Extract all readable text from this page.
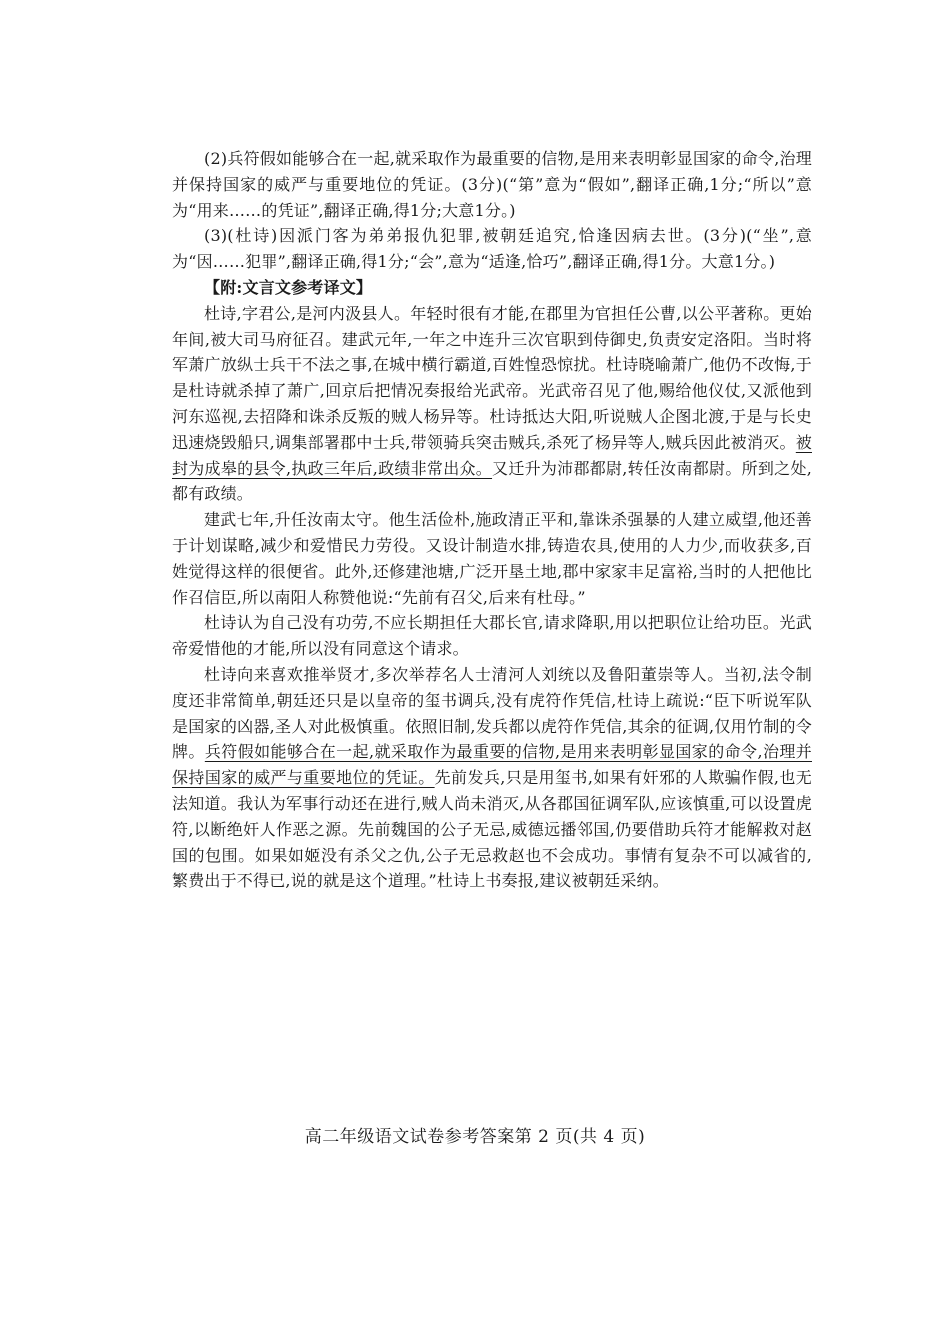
(2)兵符假如能够合在一起,就采取作为最重要的信物,是用来表明彰显国家的命令,治理并保持国家的威严与重要地位的凭证。(3分)(“第”意为“假如”,翻译正确,1分;“所以”意为“用来……的凭证”,翻译正确,得1分;大意1分。)

(3)(杜诗)因派门客为弟弟报仇犯罪,被朝廷追究,恰逢因病去世。(3分)(“坐”,意为“因……犯罪”,翻译正确,得1分;“会”,意为“适逢,恰巧”,翻译正确,得1分。大意1分。)

【附:文言文参考译文】

杜诗,字君公,是河内汲县人。年轻时很有才能,在郡里为官担任公曹,以公平著称。更始年间,被大司马府征召。建武元年,一年之中连升三次官职到侍御史,负责安定洛阳。当时将军萧广放纵士兵干不法之事,在城中横行霸道,百姓惶恐惊扰。杜诗晓喻萧广,他仍不改悔,于是杜诗就杀掉了萧广,回京后把情况奏报给光武帝。光武帝召见了他,赐给他仪仗,又派他到河东巡视,去招降和诛杀反叛的贼人杨异等。杜诗抵达大阳,听说贼人企图北渡,于是与长史迅速烧毁船只,调集部署郡中士兵,带领骑兵突击贼兵,杀死了杨异等人,贼兵因此被消灭。被封为成皋的县令,执政三年后,政绩非常出众。又迁升为沛郡都尉,转任汝南都尉。所到之处,都有政绩。

建武七年,升任汝南太守。他生活俭朴,施政清正平和,靠诛杀强暴的人建立威望,他还善于计划谋略,减少和爱惜民力劳役。又设计制造水排,铸造农具,使用的人力少,而收获多,百姓觉得这样的很便省。此外,还修建池塘,广泛开垦土地,郡中家家丰足富裕,当时的人把他比作召信臣,所以南阳人称赞他说:“先前有召父,后来有杜母。”

杜诗认为自己没有功劳,不应长期担任大郡长官,请求降职,用以把职位让给功臣。光武帝爱惜他的才能,所以没有同意这个请求。

杜诗向来喜欢推举贤才,多次举荐名人士清河人刘统以及鲁阳董崇等人。当初,法令制度还非常简单,朝廷还只是以皇帝的玺书调兵,没有虎符作凭信,杜诗上疏说:“臣下听说军队是国家的凶器,圣人对此极慎重。依照旧制,发兵都以虎符作凭信,其余的征调,仅用竹制的令牌。兵符假如能够合在一起,就采取作为最重要的信物,是用来表明彰显国家的命令,治理并保持国家的威严与重要地位的凭证。先前发兵,只是用玺书,如果有奸邪的人欺骗作假,也无法知道。我认为军事行动还在进行,贼人尚未消灭,从各郡国征调军队,应该慎重,可以设置虎符,以断绝奸人作恶之源。先前魏国的公子无忌,威德远播邻国,仍要借助兵符才能解救对赵国的包围。如果如姬没有杀父之仇,公子无忌救赵也不会成功。事情有复杂不可以减省的,繁费出于不得已,说的就是这个道理。”杜诗上书奏报,建议被朝廷采纳。

高二年级语文试卷参考答案第 2 页(共 4 页)
